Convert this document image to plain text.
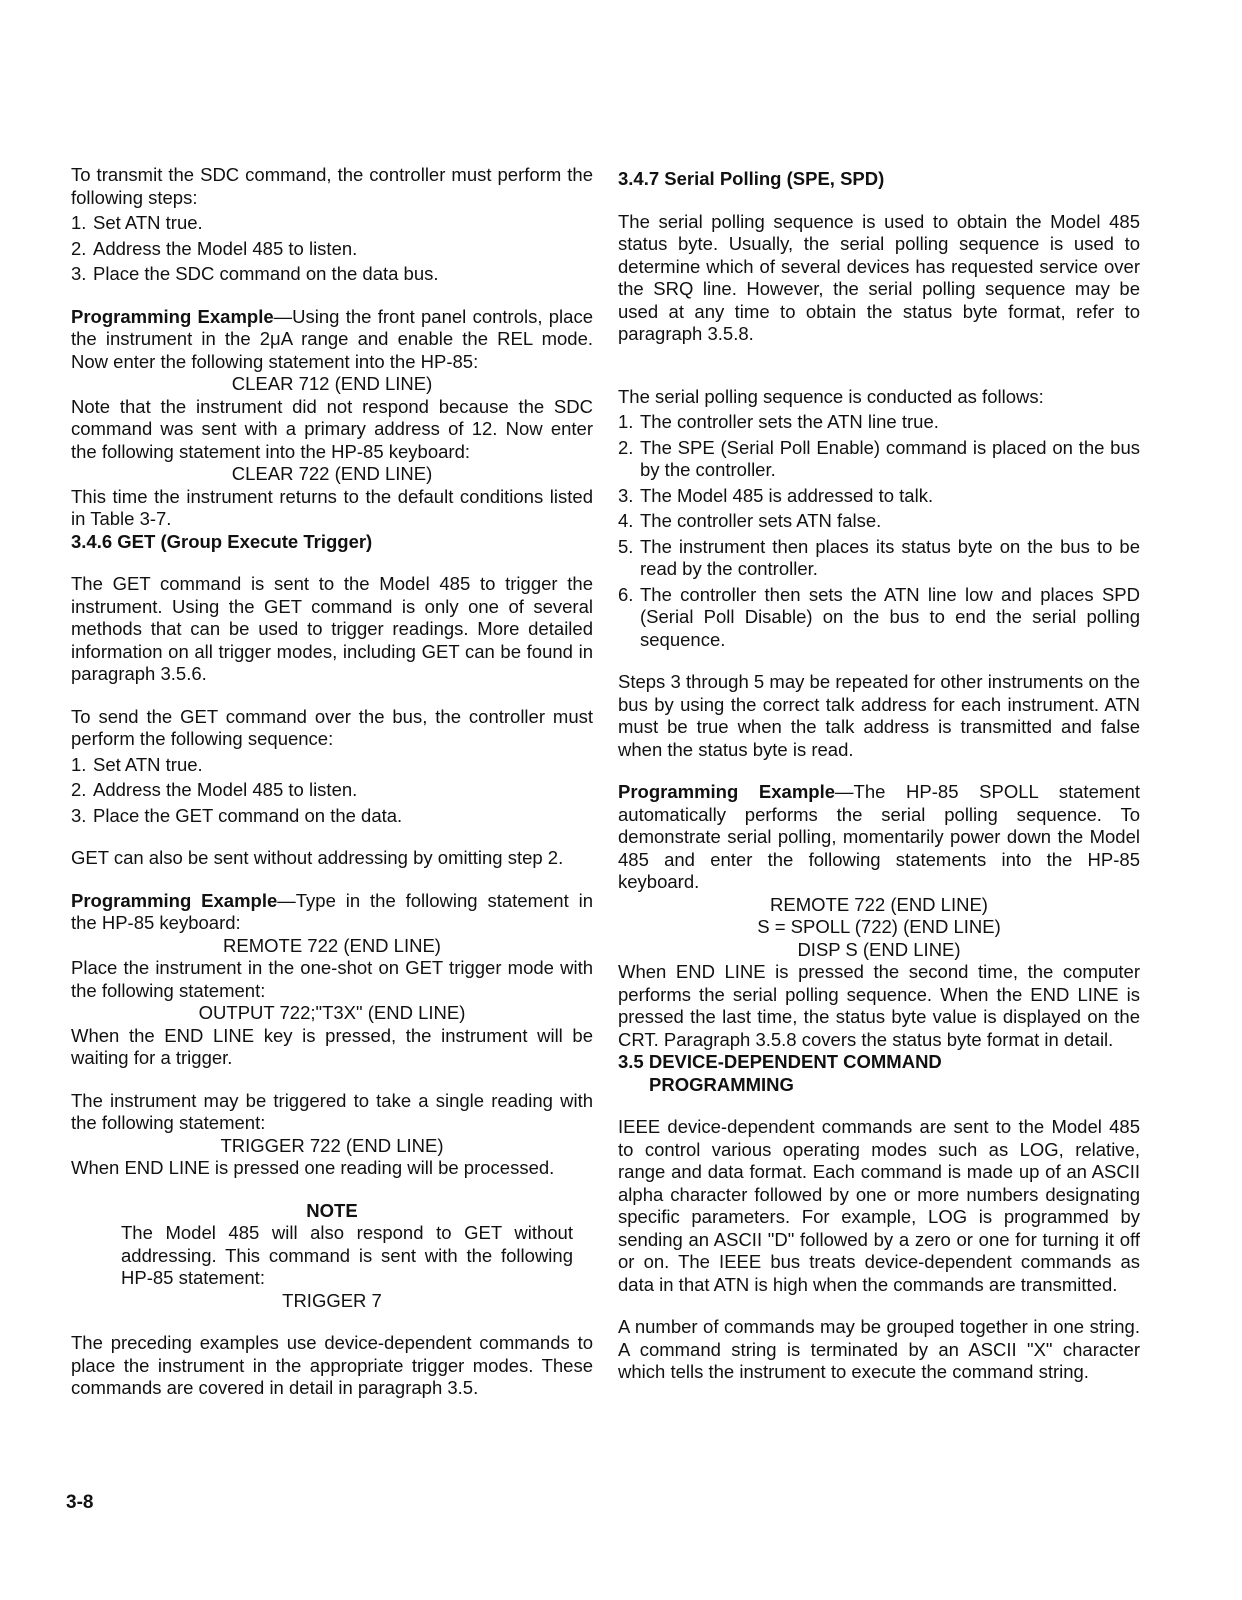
To transmit the SDC command, the controller must perform the following steps:

1. Set ATN true.
2. Address the Model 485 to listen.
3. Place the SDC command on the data bus.

Programming Example—Using the front panel controls, place the instrument in the 2μA range and enable the REL mode. Now enter the following statement into the HP-85:

CLEAR 712 (END LINE)

Note that the instrument did not respond because the SDC command was sent with a primary address of 12. Now enter the following statement into the HP-85 keyboard:

CLEAR 722 (END LINE)

This time the instrument returns to the default conditions listed in Table 3-7.

3.4.6 GET (Group Execute Trigger)

The GET command is sent to the Model 485 to trigger the instrument. Using the GET command is only one of several methods that can be used to trigger readings. More detailed information on all trigger modes, including GET can be found in paragraph 3.5.6.

To send the GET command over the bus, the controller must perform the following sequence:

1. Set ATN true.
2. Address the Model 485 to listen.
3. Place the GET command on the data.

GET can also be sent without addressing by omitting step 2.

Programming Example—Type in the following statement in the HP-85 keyboard:

REMOTE 722 (END LINE)

Place the instrument in the one-shot on GET trigger mode with the following statement:

OUTPUT 722;"T3X" (END LINE)

When the END LINE key is pressed, the instrument will be waiting for a trigger.

The instrument may be triggered to take a single reading with the following statement:

TRIGGER 722 (END LINE)

When END LINE is pressed one reading will be processed.

NOTE

The Model 485 will also respond to GET without addressing. This command is sent with the following HP-85 statement:

TRIGGER 7

The preceding examples use device-dependent commands to place the instrument in the appropriate trigger modes. These commands are covered in detail in paragraph 3.5.

3.4.7 Serial Polling (SPE, SPD)

The serial polling sequence is used to obtain the Model 485 status byte. Usually, the serial polling sequence is used to determine which of several devices has requested service over the SRQ line. However, the serial polling sequence may be used at any time to obtain the status byte format, refer to paragraph 3.5.8.

The serial polling sequence is conducted as follows:

1. The controller sets the ATN line true.
2. The SPE (Serial Poll Enable) command is placed on the bus by the controller.
3. The Model 485 is addressed to talk.
4. The controller sets ATN false.
5. The instrument then places its status byte on the bus to be read by the controller.
6. The controller then sets the ATN line low and places SPD (Serial Poll Disable) on the bus to end the serial polling sequence.

Steps 3 through 5 may be repeated for other instruments on the bus by using the correct talk address for each instrument. ATN must be true when the talk address is transmitted and false when the status byte is read.

Programming Example—The HP-85 SPOLL statement automatically performs the serial polling sequence. To demonstrate serial polling, momentarily power down the Model 485 and enter the following statements into the HP-85 keyboard.

REMOTE 722 (END LINE)

S = SPOLL (722) (END LINE)

DISP S (END LINE)

When END LINE is pressed the second time, the computer performs the serial polling sequence. When the END LINE is pressed the last time, the status byte value is displayed on the CRT. Paragraph 3.5.8 covers the status byte format in detail.

3.5 DEVICE-DEPENDENT COMMAND
PROGRAMMING

IEEE device-dependent commands are sent to the Model 485 to control various operating modes such as LOG, relative, range and data format. Each command is made up of an ASCII alpha character followed by one or more numbers designating specific parameters. For example, LOG is programmed by sending an ASCII "D" followed by a zero or one for turning it off or on. The IEEE bus treats device-dependent commands as data in that ATN is high when the commands are transmitted.

A number of commands may be grouped together in one string. A command string is terminated by an ASCII "X" character which tells the instrument to execute the command string.

3-8
